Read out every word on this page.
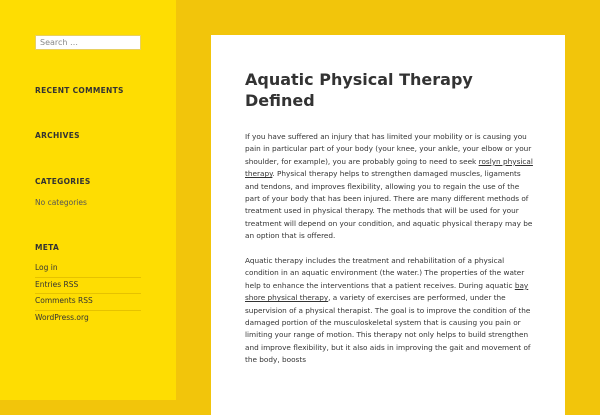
Search …
RECENT COMMENTS
ARCHIVES
CATEGORIES
No categories
META
Log in
Entries RSS
Comments RSS
WordPress.org
Aquatic Physical Therapy Defined

If you have suffered an injury that has limited your mobility or is causing you pain in particular part of your body (your knee, your ankle, your elbow or your shoulder, for example), you are probably going to need to seek roslyn physical therapy. Physical therapy helps to strengthen damaged muscles, ligaments and tendons, and improves flexibility, allowing you to regain the use of the part of your body that has been injured. There are many different methods of treatment used in physical therapy. The methods that will be used for your treatment will depend on your condition, and aquatic physical therapy may be an option that is offered.

Aquatic therapy includes the treatment and rehabilitation of a physical condition in an aquatic environment (the water.) The properties of the water help to enhance the interventions that a patient receives. During aquatic bay shore physical therapy, a variety of exercises are performed, under the supervision of a physical therapist. The goal is to improve the condition of the damaged portion of the musculoskeletal system that is causing you pain or limiting your range of motion. This therapy not only helps to build strengthen and improve flexibility, but it also aids in improving the gait and movement of the body, boosts
